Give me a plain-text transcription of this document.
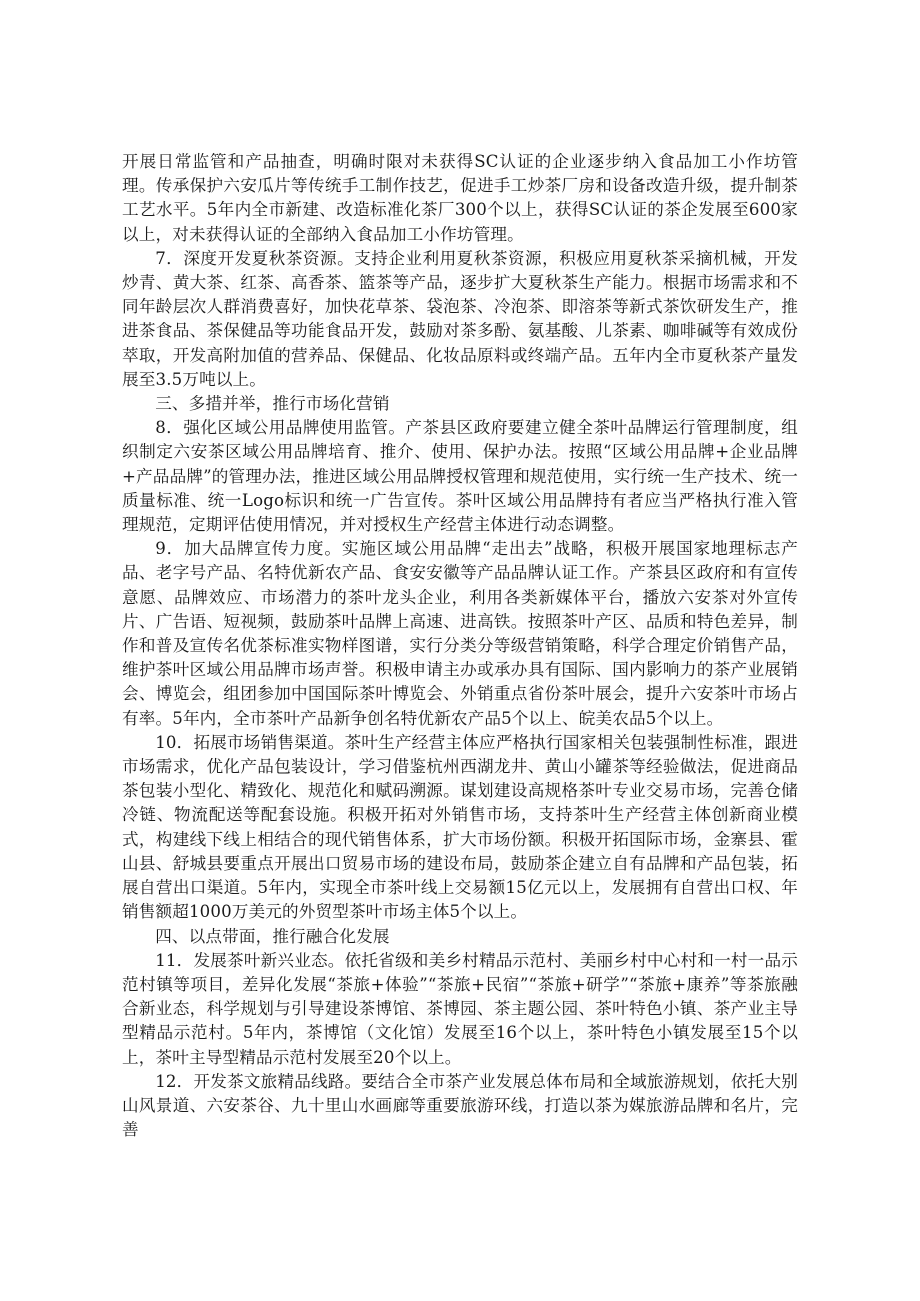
开展日常监管和产品抽查，明确时限对未获得SC认证的企业逐步纳入食品加工小作坊管理。传承保护六安瓜片等传统手工制作技艺，促进手工炒茶厂房和设备改造升级，提升制茶工艺水平。5年内全市新建、改造标准化茶厂300个以上，获得SC认证的茶企发展至600家以上，对未获得认证的全部纳入食品加工小作坊管理。

7．深度开发夏秋茶资源。支持企业利用夏秋茶资源，积极应用夏秋茶采摘机械，开发炒青、黄大茶、红茶、高香茶、篮茶等产品，逐步扩大夏秋茶生产能力。根据市场需求和不同年龄层次人群消费喜好，加快花草茶、袋泡茶、冷泡茶、即溶茶等新式茶饮研发生产，推进茶食品、茶保健品等功能食品开发，鼓励对茶多酚、氨基酸、儿茶素、咖啡碱等有效成份萃取，开发高附加值的营养品、保健品、化妆品原料或终端产品。五年内全市夏秋茶产量发展至3.5万吨以上。

三、多措并举，推行市场化营销

8．强化区域公用品牌使用监管。产茶县区政府要建立健全茶叶品牌运行管理制度，组织制定六安茶区域公用品牌培育、推介、使用、保护办法。按照“区域公用品牌+企业品牌+产品品牌”的管理办法，推进区域公用品牌授权管理和规范使用，实行统一生产技术、统一质量标准、统一Logo标识和统一广告宣传。茶叶区域公用品牌持有者应当严格执行准入管理规范，定期评估使用情况，并对授权生产经营主体进行动态调整。

9．加大品牌宣传力度。实施区域公用品牌“走出去”战略，积极开展国家地理标志产品、老字号产品、名特优新农产品、食安安徽等产品品牌认证工作。产茶县区政府和有宣传意愿、品牌效应、市场潜力的茶叶龙头企业，利用各类新媒体平台，播放六安茶对外宣传片、广告语、短视频，鼓励茶叶品牌上高速、进高铁。按照茶叶产区、品质和特色差异，制作和普及宣传名优茶标准实物样图谱，实行分类分等级营销策略，科学合理定价销售产品，维护茶叶区域公用品牌市场声誉。积极申请主办或承办具有国际、国内影响力的茶产业展销会、博览会，组团参加中国国际茶叶博览会、外销重点省份茶叶展会，提升六安茶叶市场占有率。5年内，全市茶叶产品新争创名特优新农产品5个以上、皖美农品5个以上。

10．拓展市场销售渠道。茶叶生产经营主体应严格执行国家相关包装强制性标准，跟进市场需求，优化产品包装设计，学习借鉴杭州西湖龙井、黄山小罐茶等经验做法，促进商品茶包装小型化、精致化、规范化和赋码溯源。谋划建设高规格茶叶专业交易市场，完善仓储冷链、物流配送等配套设施。积极开拓对外销售市场，支持茶叶生产经营主体创新商业模式，构建线下线上相结合的现代销售体系，扩大市场份额。积极开拓国际市场，金寨县、霍山县、舒城县要重点开展出口贸易市场的建设布局，鼓励茶企建立自有品牌和产品包装，拓展自营出口渠道。5年内，实现全市茶叶线上交易额15亿元以上，发展拥有自营出口权、年销售额超1000万美元的外贸型茶叶市场主体5个以上。

四、以点带面，推行融合化发展

11．发展茶叶新兴业态。依托省级和美乡村精品示范村、美丽乡村中心村和一村一品示范村镇等项目，差异化发展“茶旅+体验”“茶旅+民宿”“茶旅+研学”“茶旅+康养”等茶旅融合新业态，科学规划与引导建设茶博馆、茶博园、茶主题公园、茶叶特色小镇、茶产业主导型精品示范村。5年内，茶博馆（文化馆）发展至16个以上，茶叶特色小镇发展至15个以上，茶叶主导型精品示范村发展至20个以上。

12．开发茶文旅精品线路。要结合全市茶产业发展总体布局和全域旅游规划，依托大别山风景道、六安茶谷、九十里山水画廊等重要旅游环线，打造以茶为媒旅游品牌和名片，完善
